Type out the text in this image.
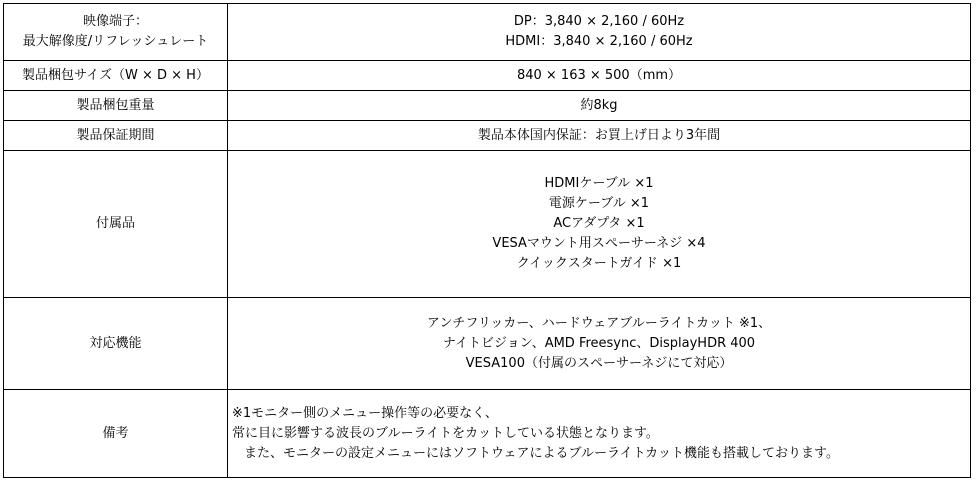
映像端子：
最大解像度/リフレッシュレート	DP：3,840 × 2,160 / 60Hz
HDMI：3,840 × 2,160 / 60Hz

製品梱包サイズ（W × D × H）	840 × 163 × 500（mm）

製品梱包重量	約8kg

製品保証期間	製品本体国内保証：お買上げ日より3年間

付属品	HDMIケーブル ×1
電源ケーブル ×1
ACアダプタ ×1
VESAマウント用スペーサーネジ ×4
クイックスタートガイド ×1

対応機能	アンチフリッカー、ハードウェアブルーライトカット ※1、
ナイトビジョン、AMD Freesync、DisplayHDR 400
VESA100（付属のスペーサーネジにて対応）

備考	※1モニター側のメニュー操作等の必要なく、
常に目に影響する波長のブルーライトをカットしている状態となります。
また、モニターの設定メニューにはソフトウェアによるブルーライトカット機能も搭載しております。
